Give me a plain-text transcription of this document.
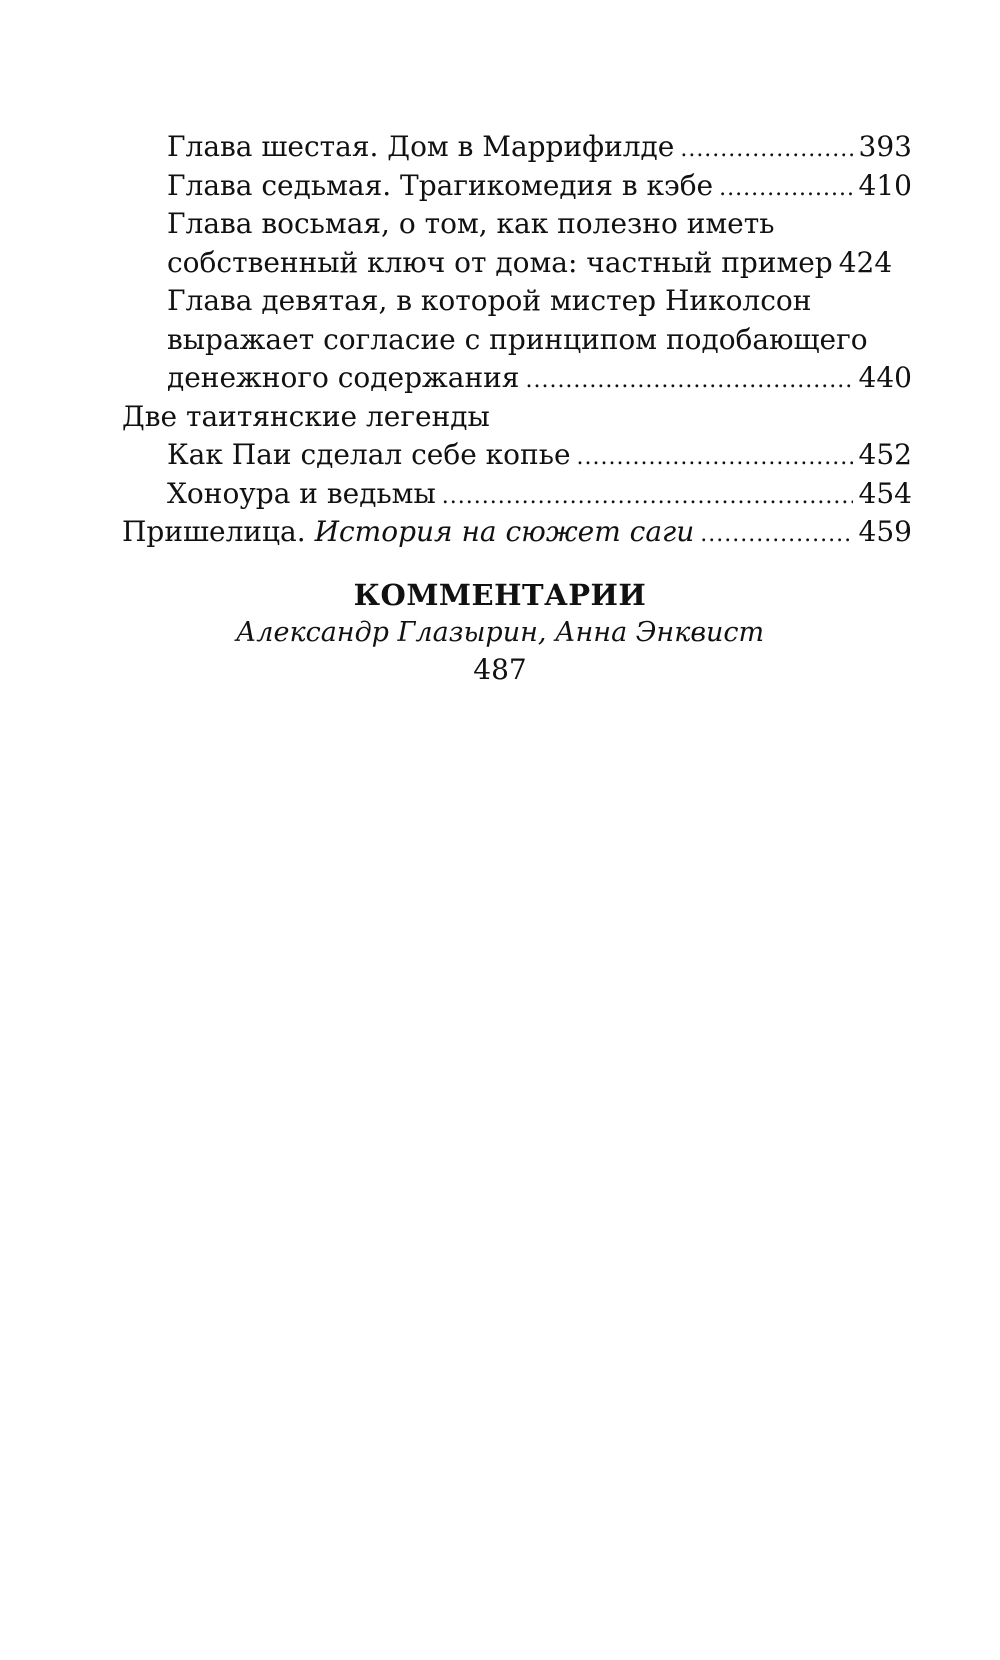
Глава шестая. Дом в Маррифилде .....	393
Глава седьмая. Трагикомедия в кэбе .....	410
Глава восьмая, о том, как полезно иметь
собственный ключ от дома: частный пример 424
Глава девятая, в которой мистер Николсон
выражает согласие с принципом подобающего
денежного содержания .....	440
Две таитянские легенды
Как Паи сделал себе копье .....	452
Хоноура и ведьмы .....	454
Пришелица. История на сюжет саги .....	459
КОММЕНТАРИИ
Александр Глазырин, Анна Энквист
487
